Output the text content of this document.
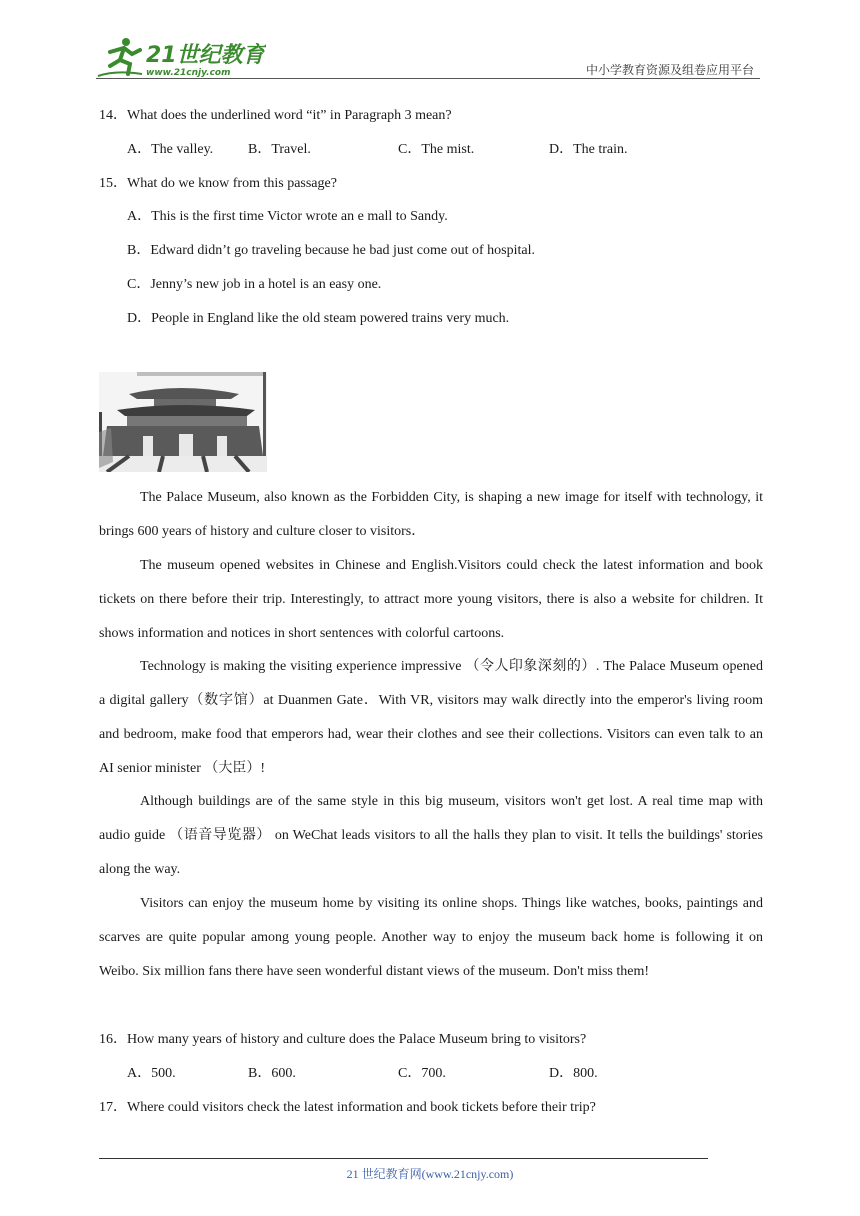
21世纪教育
www.21cnjy.com	中小学教育资源及组卷应用平台
14．What does the underlined word “it” in Paragraph 3 mean?
A．The valley. B．Travel.	C．The mist.	D．The train.
15．What do we know from this passage?
A．This is the first time Victor wrote an e mall to Sandy.
B．Edward didn’t go traveling because he bad just come out of hospital.
C．Jenny’s new job in a hotel is an easy one.
D．People in England like the old steam powered trains very much.
The Palace Museum, also known as the Forbidden City, is shaping a new image for itself with technology, it brings 600 years of history and culture closer to visitors．
The museum opened websites in Chinese and English.Visitors could check the latest information and book tickets on there before their trip. Interestingly, to attract more young visitors, there is also a website for children. It shows information and notices in short sentences with colorful cartoons.
Technology is making the visiting experience impressive （令人印象深刻的）. The Palace Museum opened a digital gallery（数字馆）at Duanmen Gate．With VR, visitors may walk directly into the emperor's living room and bedroom, make food that emperors had, wear their clothes and see their collections. Visitors can even talk to an AI senior minister （大臣）!
Although buildings are of the same style in this big museum, visitors won't get lost. A real time map with audio guide （语音导览器） on WeChat leads visitors to all the halls they plan to visit. It tells the buildings' stories along the way.
Visitors can enjoy the museum home by visiting its online shops. Things like watches, books, paintings and scarves are quite popular among young people. Another way to enjoy the museum back home is following it on Weibo. Six million fans there have seen wonderful distant views of the museum. Don't miss them!
16．How many years of history and culture does the Palace Museum bring to visitors?
A．500.	B．600.	C．700.	D．800.
17．Where could visitors check the latest information and book tickets before their trip?
21 世纪教育网(www.21cnjy.com)
